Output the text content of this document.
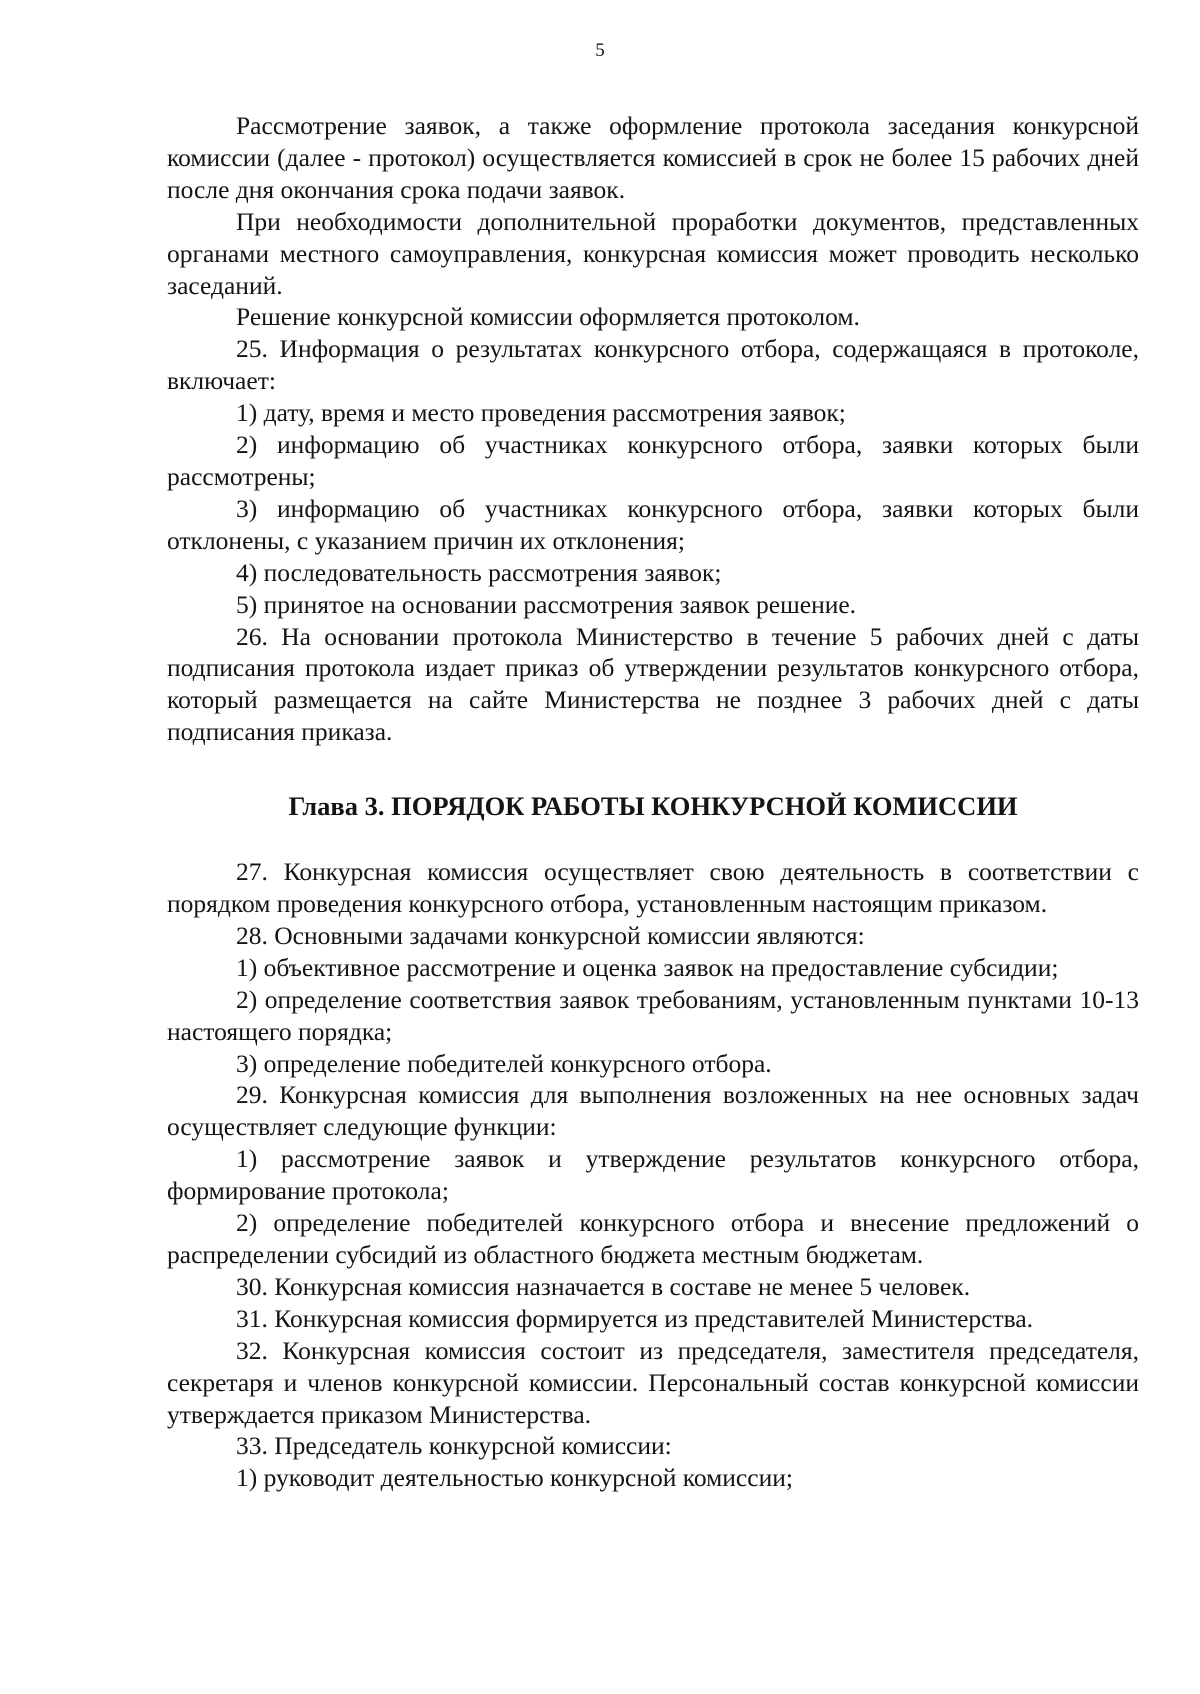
5

Рассмотрение заявок, а также оформление протокола заседания конкурсной комиссии (далее - протокол) осуществляется комиссией в срок не более 15 рабочих дней после дня окончания срока подачи заявок.

При необходимости дополнительной проработки документов, представленных органами местного самоуправления, конкурсная комиссия может проводить несколько заседаний.

Решение конкурсной комиссии оформляется протоколом.

25. Информация о результатах конкурсного отбора, содержащаяся в протоколе, включает:

1) дату, время и место проведения рассмотрения заявок;

2) информацию об участниках конкурсного отбора, заявки которых были рассмотрены;

3) информацию об участниках конкурсного отбора, заявки которых были отклонены, с указанием причин их отклонения;

4) последовательность рассмотрения заявок;

5) принятое на основании рассмотрения заявок решение.

26. На основании протокола Министерство в течение 5 рабочих дней с даты подписания протокола издает приказ об утверждении результатов конкурсного отбора, который размещается на сайте Министерства не позднее 3 рабочих дней с даты подписания приказа.

Глава 3. ПОРЯДОК РАБОТЫ КОНКУРСНОЙ КОМИССИИ

27. Конкурсная комиссия осуществляет свою деятельность в соответствии с порядком проведения конкурсного отбора, установленным настоящим приказом.

28. Основными задачами конкурсной комиссии являются:

1) объективное рассмотрение и оценка заявок на предоставление субсидии;

2) определение соответствия заявок требованиям, установленным пунктами 10-13 настоящего порядка;

3) определение победителей конкурсного отбора.

29. Конкурсная комиссия для выполнения возложенных на нее основных задач осуществляет следующие функции:

1) рассмотрение заявок и утверждение результатов конкурсного отбора, формирование протокола;

2) определение победителей конкурсного отбора и внесение предложений о распределении субсидий из областного бюджета местным бюджетам.

30. Конкурсная комиссия назначается в составе не менее 5 человек.

31. Конкурсная комиссия формируется из представителей Министерства.

32. Конкурсная комиссия состоит из председателя, заместителя председателя, секретаря и членов конкурсной комиссии. Персональный состав конкурсной комиссии утверждается приказом Министерства.

33. Председатель конкурсной комиссии:

1) руководит деятельностью конкурсной комиссии;
